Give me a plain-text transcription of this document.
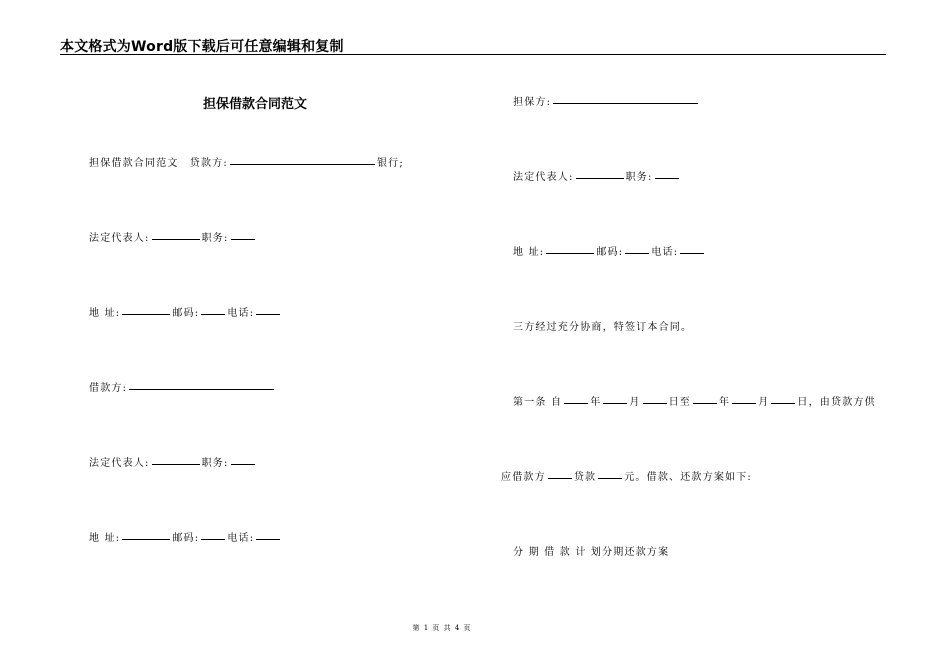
本文格式为Word版下载后可任意编辑和复制
担保借款合同范文
担保借款合同范文　贷款方:	银行;
法定代表人:	职务:
地 址:	邮码:	电话:
借款方:
法定代表人:	职务:
地 址:	邮码:	电话:
担保方:
法定代表人:	职务:
地 址:	邮码:	电话:
三方经过充分协商，特签订本合同。
第一条 自	年	月	日至	年	月	日，由贷款方供
应借款方	贷款	元。借款、还款方案如下:
分 期 借 款 计 划分期还款方案
第 1 页 共 4 页
